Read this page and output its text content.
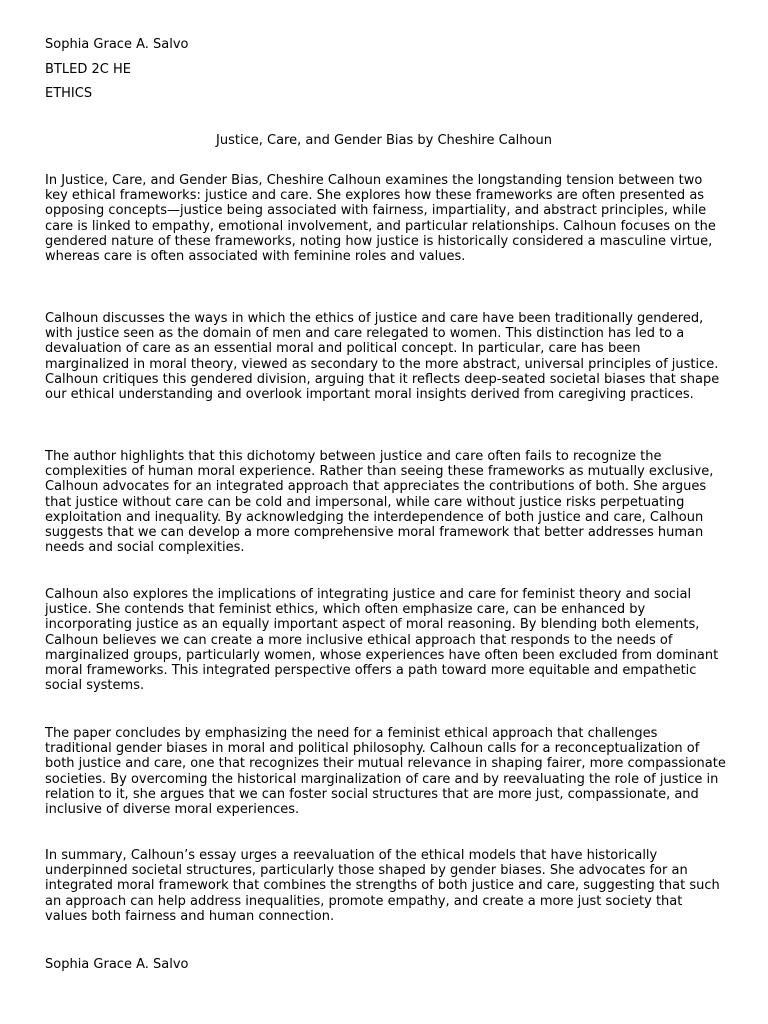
Sophia Grace A. Salvo
BTLED 2C HE
ETHICS
Justice, Care, and Gender Bias by Cheshire Calhoun

In Justice, Care, and Gender Bias, Cheshire Calhoun examines the longstanding tension between two key ethical frameworks: justice and care. She explores how these frameworks are often presented as opposing concepts—justice being associated with fairness, impartiality, and abstract principles, while care is linked to empathy, emotional involvement, and particular relationships. Calhoun focuses on the gendered nature of these frameworks, noting how justice is historically considered a masculine virtue, whereas care is often associated with feminine roles and values.

Calhoun discusses the ways in which the ethics of justice and care have been traditionally gendered, with justice seen as the domain of men and care relegated to women. This distinction has led to a devaluation of care as an essential moral and political concept. In particular, care has been marginalized in moral theory, viewed as secondary to the more abstract, universal principles of justice. Calhoun critiques this gendered division, arguing that it reflects deep-seated societal biases that shape our ethical understanding and overlook important moral insights derived from caregiving practices.

The author highlights that this dichotomy between justice and care often fails to recognize the complexities of human moral experience. Rather than seeing these frameworks as mutually exclusive, Calhoun advocates for an integrated approach that appreciates the contributions of both. She argues that justice without care can be cold and impersonal, while care without justice risks perpetuating exploitation and inequality. By acknowledging the interdependence of both justice and care, Calhoun suggests that we can develop a more comprehensive moral framework that better addresses human needs and social complexities.

Calhoun also explores the implications of integrating justice and care for feminist theory and social justice. She contends that feminist ethics, which often emphasize care, can be enhanced by incorporating justice as an equally important aspect of moral reasoning. By blending both elements, Calhoun believes we can create a more inclusive ethical approach that responds to the needs of marginalized groups, particularly women, whose experiences have often been excluded from dominant moral frameworks. This integrated perspective offers a path toward more equitable and empathetic social systems.

The paper concludes by emphasizing the need for a feminist ethical approach that challenges traditional gender biases in moral and political philosophy. Calhoun calls for a reconceptualization of both justice and care, one that recognizes their mutual relevance in shaping fairer, more compassionate societies. By overcoming the historical marginalization of care and by reevaluating the role of justice in relation to it, she argues that we can foster social structures that are more just, compassionate, and inclusive of diverse moral experiences.

In summary, Calhoun’s essay urges a reevaluation of the ethical models that have historically underpinned societal structures, particularly those shaped by gender biases. She advocates for an integrated moral framework that combines the strengths of both justice and care, suggesting that such an approach can help address inequalities, promote empathy, and create a more just society that values both fairness and human connection.

Sophia Grace A. Salvo
